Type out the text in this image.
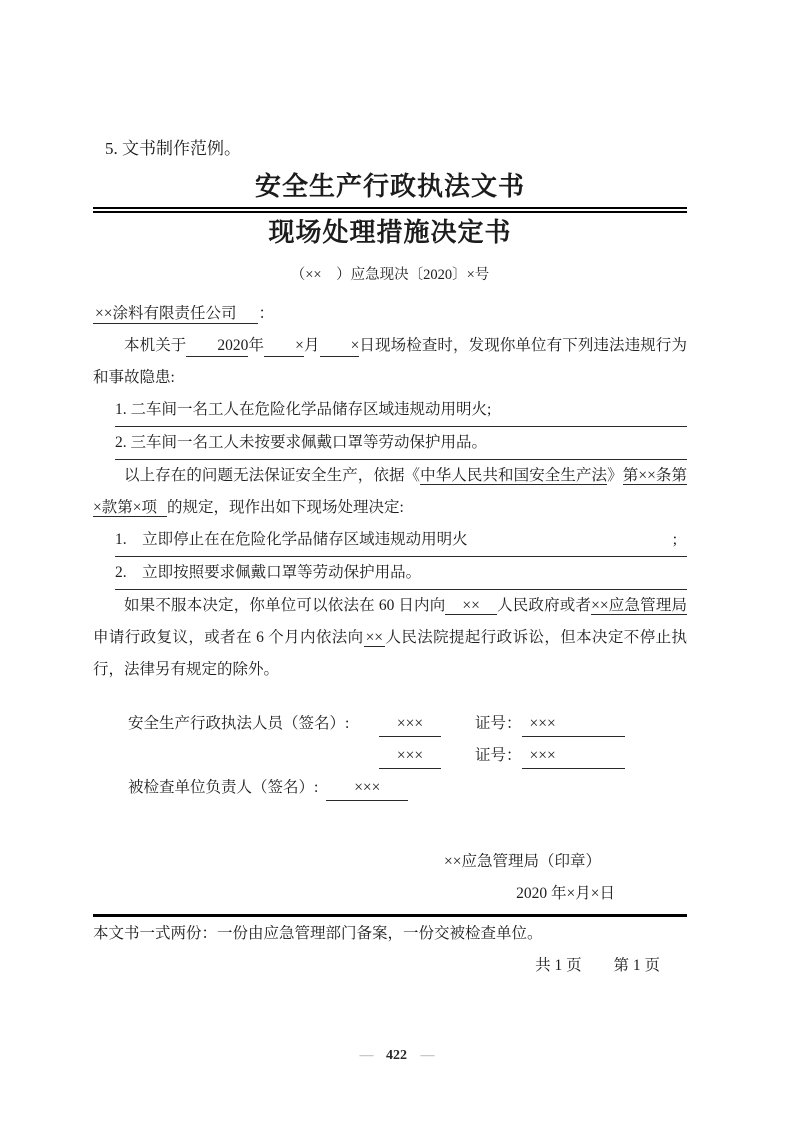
5. 文书制作范例。
安全生产行政执法文书
现场处理措施决定书
（××　）应急现决〔2020〕×号
××涂料有限责任公司 ：

本机关于 2020年 ×月 ×日现场检查时，发现你单位有下列违法违规行为和事故隐患:

1. 二车间一名工人在危险化学品储存区域违规动用明火;
2. 三车间一名工人未按要求佩戴口罩等劳动保护用品。

以上存在的问题无法保证安全生产，依据《中华人民共和国安全生产法》第××条第×款第×项 的规定，现作出如下现场处理决定:

1.　立即停止在在危险化学品储存区域违规动用明火	;
2.　立即按照要求佩戴口罩等劳动保护用品。

如果不服本决定，你单位可以依法在 60 日内向 ×× 人民政府或者××应急管理局申请行政复议，或者在 6 个月内依法向 ×× 人民法院提起行政诉讼，但本决定不停止执行，法律另有规定的除外。

安全生产行政执法人员（签名）:	×××	证号： ×××
×××	证号： ×××
被检查单位负责人（签名）:	×××
××应急管理局（印章）
2020 年×月×日
本文书一式两份：一份由应急管理部门备案，一份交被检查单位。
共 1 页 第 1 页
— 422 —
